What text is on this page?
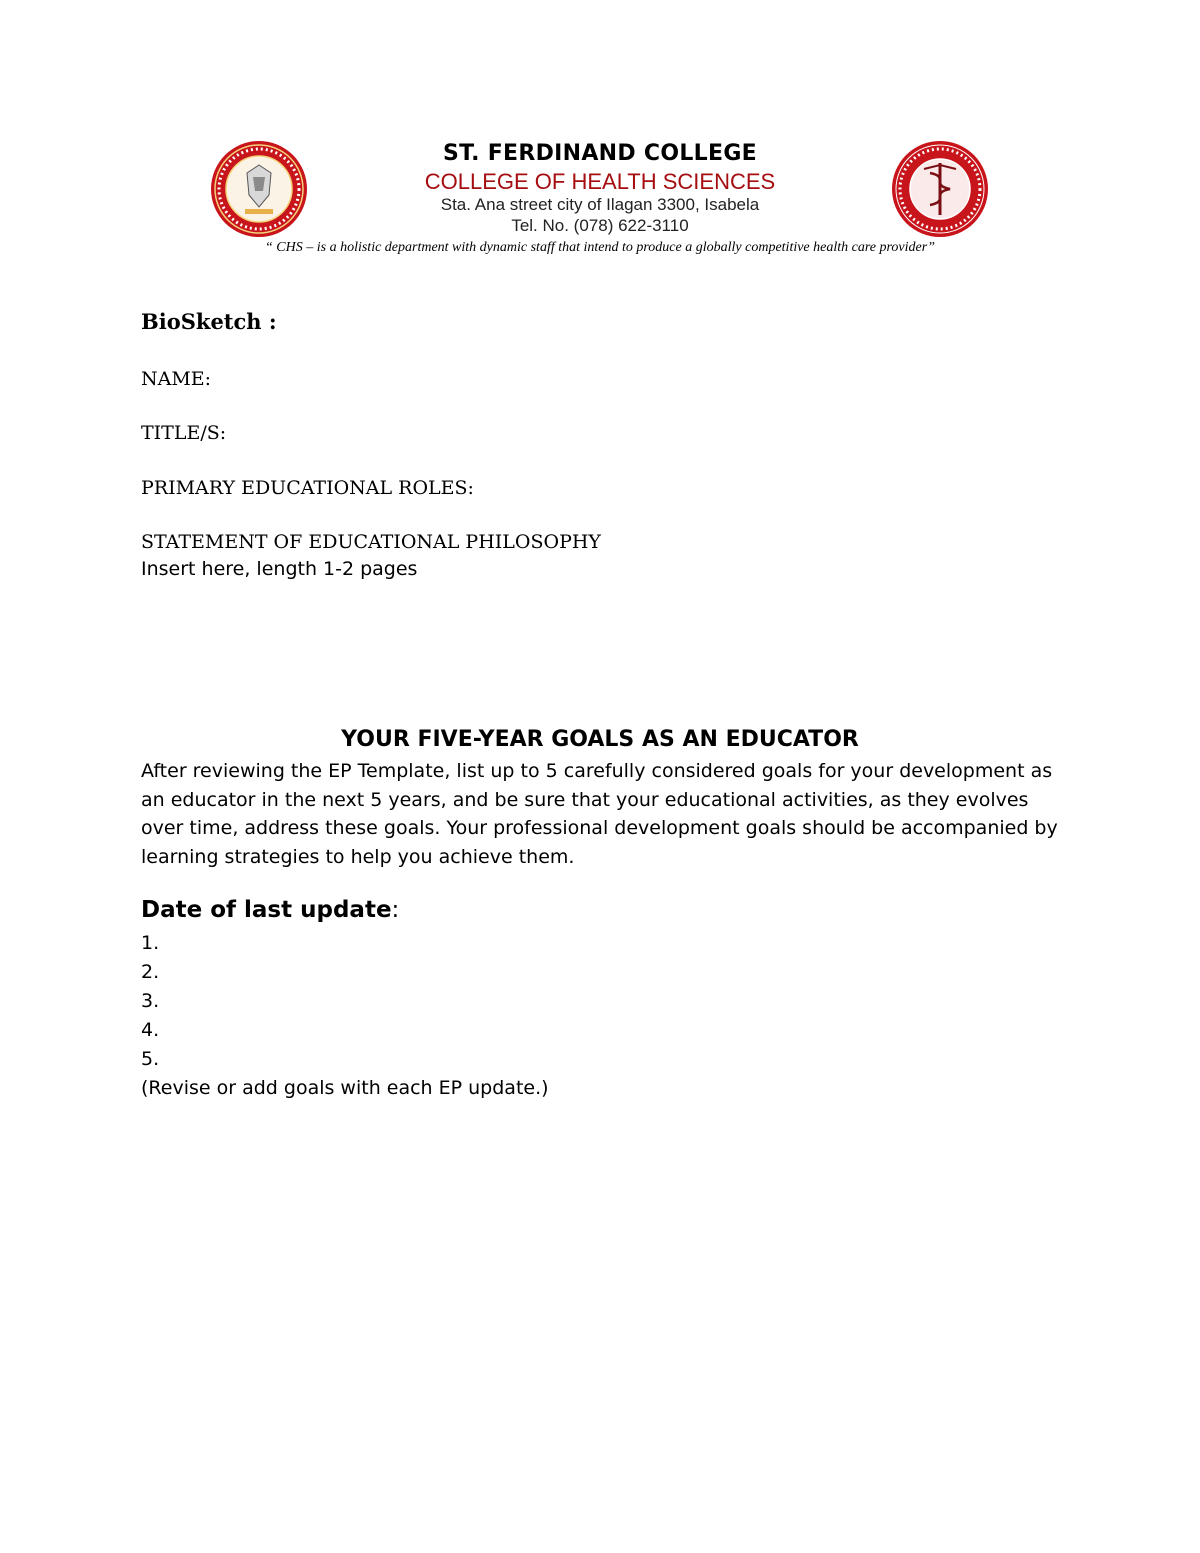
ST. FERDINAND COLLEGE
COLLEGE OF HEALTH SCIENCES
Sta. Ana street city of Ilagan 3300, Isabela
Tel. No. (078) 622-3110
“ CHS – is a holistic department with dynamic staff that intend to produce a globally competitive health care provider”
BioSketch :
NAME:
TITLE/S:
PRIMARY EDUCATIONAL ROLES:
STATEMENT OF EDUCATIONAL PHILOSOPHY
Insert here, length 1-2 pages
YOUR FIVE-YEAR GOALS AS AN EDUCATOR

After reviewing the EP Template, list up to 5 carefully considered goals for your development as

an educator in the next 5 years, and be sure that your educational activities, as they evolves

over time, address these goals. Your professional development goals should be accompanied by

learning strategies to help you achieve them.

Date of last update:
1.
2.
3.
4.
5.
(Revise or add goals with each EP update.)
